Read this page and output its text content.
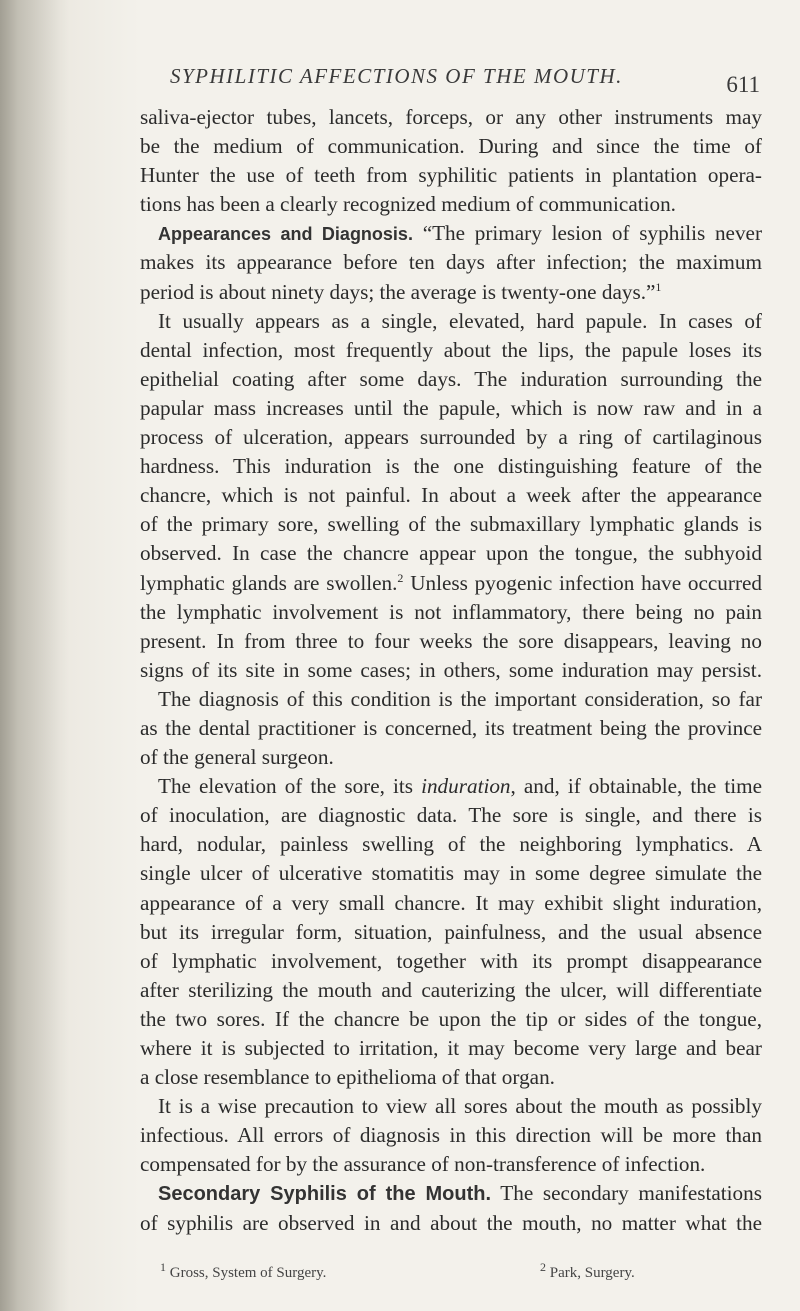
SYPHILITIC AFFECTIONS OF THE MOUTH.	611
saliva-ejector tubes, lancets, forceps, or any other instruments may
be the medium of communication. During and since the time of
Hunter the use of teeth from syphilitic patients in plantation opera-
tions has been a clearly recognized medium of communication.
Appearances and Diagnosis. “The primary lesion of syphilis never
makes its appearance before ten days after infection; the maximum
period is about ninety days; the average is twenty-one days.”$^1$
It usually appears as a single, elevated, hard papule. In cases of
dental infection, most frequently about the lips, the papule loses its
epithelial coating after some days. The induration surrounding the
papular mass increases until the papule, which is now raw and in a
process of ulceration, appears surrounded by a ring of cartilaginous
hardness. This induration is the one distinguishing feature of the
chancre, which is not painful. In about a week after the appearance
of the primary sore, swelling of the submaxillary lymphatic glands is
observed. In case the chancre appear upon the tongue, the subhyoid
lymphatic glands are swollen.$^2$ Unless pyogenic infection have occurred
the lymphatic involvement is not inflammatory, there being no pain
present. In from three to four weeks the sore disappears, leaving no
signs of its site in some cases; in others, some induration may persist.
The diagnosis of this condition is the important consideration, so far
as the dental practitioner is concerned, its treatment being the province
of the general surgeon.
The elevation of the sore, its induration, and, if obtainable, the time
of inoculation, are diagnostic data. The sore is single, and there is
hard, nodular, painless swelling of the neighboring lymphatics. A
single ulcer of ulcerative stomatitis may in some degree simulate the
appearance of a very small chancre. It may exhibit slight induration,
but its irregular form, situation, painfulness, and the usual absence
of lymphatic involvement, together with its prompt disappearance
after sterilizing the mouth and cauterizing the ulcer, will differentiate
the two sores. If the chancre be upon the tip or sides of the tongue,
where it is subjected to irritation, it may become very large and bear
a close resemblance to epithelioma of that organ.
It is a wise precaution to view all sores about the mouth as possibly
infectious. All errors of diagnosis in this direction will be more than
compensated for by the assurance of non-transference of infection.
Secondary Syphilis of the Mouth. The secondary manifestations
of syphilis are observed in and about the mouth, no matter what the
$^1$ Gross, System of Surgery.	$^2$ Park, Surgery.
